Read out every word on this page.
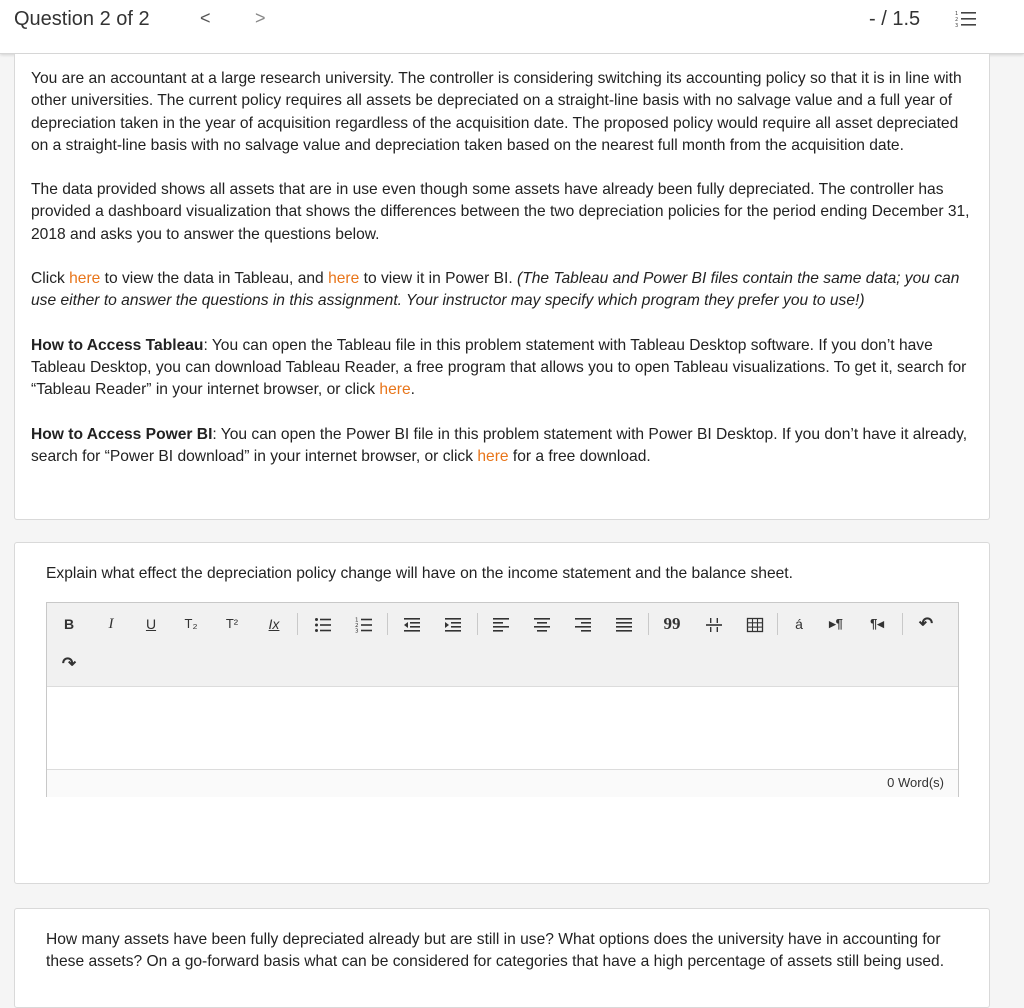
Question 2 of 2	< >	- / 1.5	1
2
3

You are an accountant at a large research university. The controller is considering switching its accounting policy so that it is in line with other universities. The current policy requires all assets be depreciated on a straight-line basis with no salvage value and a full year of depreciation taken in the year of acquisition regardless of the acquisition date. The proposed policy would require all asset depreciated on a straight-line basis with no salvage value and depreciation taken based on the nearest full month from the acquisition date.

The data provided shows all assets that are in use even though some assets have already been fully depreciated. The controller has provided a dashboard visualization that shows the differences between the two depreciation policies for the period ending December 31, 2018 and asks you to answer the questions below.

Click here to view the data in Tableau, and here to view it in Power BI. (The Tableau and Power BI files contain the same data; you can use either to answer the questions in this assignment. Your instructor may specify which program they prefer you to use!)

How to Access Tableau: You can open the Tableau file in this problem statement with Tableau Desktop software. If you don’t have Tableau Desktop, you can download Tableau Reader, a free program that allows you to open Tableau visualizations. To get it, search for “Tableau Reader” in your internet browser, or click here.

How to Access Power BI: You can open the Power BI file in this problem statement with Power BI Desktop. If you don’t have it already, search for “Power BI download” in your internet browser, or click here for a free download.

Explain what effect the depreciation policy change will have on the income statement and the balance sheet.
B	I	U	T₂ T² Ix	1
2
3	99	á	▸¶ ¶◂ ↶
↷
0 Word(s)
How many assets have been fully depreciated already but are still in use? What options does the university have in accounting for these assets? On a go-forward basis what can be considered for categories that have a high percentage of assets still being used.
